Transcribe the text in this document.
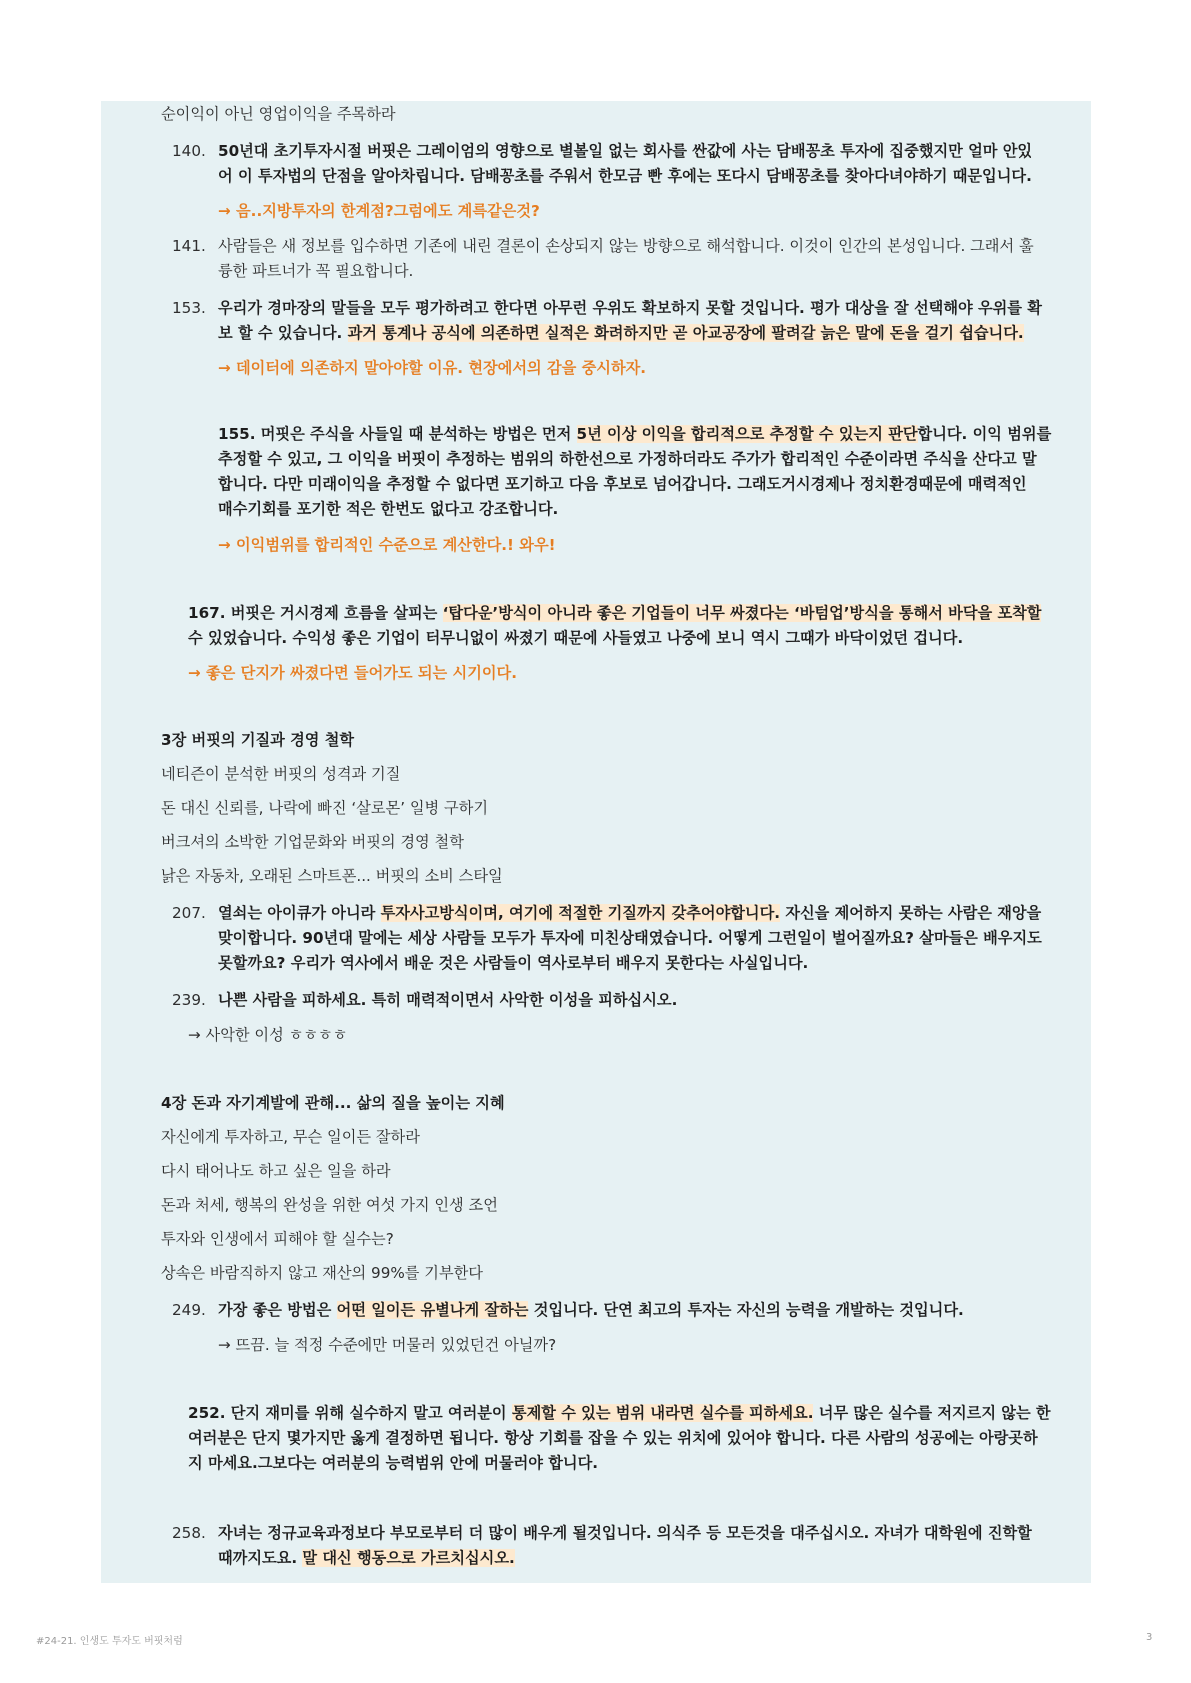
순이익이 아닌 영업이익을 주목하라
140. 50년대 초기투자시절 버핏은 그레이엄의 영향으로 별볼일 없는 회사를 싼값에 사는 담배꽁초 투자에 집중했지만 얼마 안있
어 이 투자법의 단점을 알아차립니다. 담배꽁초를 주워서 한모금 빤 후에는 또다시 담배꽁초를 찾아다녀야하기 때문입니다.
→ 음..지방투자의 한계점?그럼에도 계륵같은것?
141. 사람들은 새 정보를 입수하면 기존에 내린 결론이 손상되지 않는 방향으로 해석합니다. 이것이 인간의 본성입니다. 그래서 훌
륭한 파트너가 꼭 필요합니다.
153. 우리가 경마장의 말들을 모두 평가하려고 한다면 아무런 우위도 확보하지 못할 것입니다. 평가 대상을 잘 선택해야 우위를 확
보 할 수 있습니다. 과거 통계나 공식에 의존하면 실적은 화려하지만 곧 아교공장에 팔려갈 늙은 말에 돈을 걸기 쉽습니다.
→ 데이터에 의존하지 말아야할 이유. 현장에서의 감을 중시하자.
155. 머핏은 주식을 사들일 때 분석하는 방법은 먼저 5년 이상 이익을 합리적으로 추정할 수 있는지 판단합니다. 이익 범위를
추정할 수 있고, 그 이익을 버핏이 추정하는 범위의 하한선으로 가정하더라도 주가가 합리적인 수준이라면 주식을 산다고 말
합니다. 다만 미래이익을 추정할 수 없다면 포기하고 다음 후보로 넘어갑니다. 그래도거시경제나 정치환경때문에 매력적인
매수기회를 포기한 적은 한번도 없다고 강조합니다.
→ 이익범위를 합리적인 수준으로 계산한다.! 와우!
167. 버핏은 거시경제 흐름을 살피는 ‘탑다운’방식이 아니라 좋은 기업들이 너무 싸졌다는 ‘바텀업’방식을 통해서 바닥을 포착할
수 있었습니다. 수익성 좋은 기업이 터무니없이 싸졌기 때문에 사들였고 나중에 보니 역시 그때가 바닥이었던 겁니다.
→ 좋은 단지가 싸졌다면 들어가도 되는 시기이다.
3장 버핏의 기질과 경영 철학
네티즌이 분석한 버핏의 성격과 기질
돈 대신 신뢰를, 나락에 빠진 ‘살로몬’ 일병 구하기
버크셔의 소박한 기업문화와 버핏의 경영 철학
낡은 자동차, 오래된 스마트폰... 버핏의 소비 스타일
207. 열쇠는 아이큐가 아니라 투자사고방식이며, 여기에 적절한 기질까지 갖추어야합니다. 자신을 제어하지 못하는 사람은 재앙을
맞이합니다. 90년대 말에는 세상 사람들 모두가 투자에 미친상태였습니다. 어떻게 그런일이 벌어질까요? 살마들은 배우지도
못할까요? 우리가 역사에서 배운 것은 사람들이 역사로부터 배우지 못한다는 사실입니다.
239. 나쁜 사람을 피하세요. 특히 매력적이면서 사악한 이성을 피하십시오.
→ 사악한 이성 ㅎㅎㅎㅎ
4장 돈과 자기계발에 관해... 삶의 질을 높이는 지혜
자신에게 투자하고, 무슨 일이든 잘하라
다시 태어나도 하고 싶은 일을 하라
돈과 처세, 행복의 완성을 위한 여섯 가지 인생 조언
투자와 인생에서 피해야 할 실수는?
상속은 바람직하지 않고 재산의 99%를 기부한다
249. 가장 좋은 방법은 어떤 일이든 유별나게 잘하는 것입니다. 단연 최고의 투자는 자신의 능력을 개발하는 것입니다.
→ 뜨끔. 늘 적정 수준에만 머물러 있었던건 아닐까?
252. 단지 재미를 위해 실수하지 말고 여러분이 통제할 수 있는 범위 내라면 실수를 피하세요. 너무 많은 실수를 저지르지 않는 한
여러분은 단지 몇가지만 옳게 결정하면 됩니다. 항상 기회를 잡을 수 있는 위치에 있어야 합니다. 다른 사람의 성공에는 아랑곳하
지 마세요.그보다는 여러분의 능력범위 안에 머물러야 합니다.
258. 자녀는 정규교육과정보다 부모로부터 더 많이 배우게 될것입니다. 의식주 등 모든것을 대주십시오. 자녀가 대학원에 진학할
때까지도요. 말 대신 행동으로 가르치십시오.
#24-21. 인생도 투자도 버핏처럼	3
